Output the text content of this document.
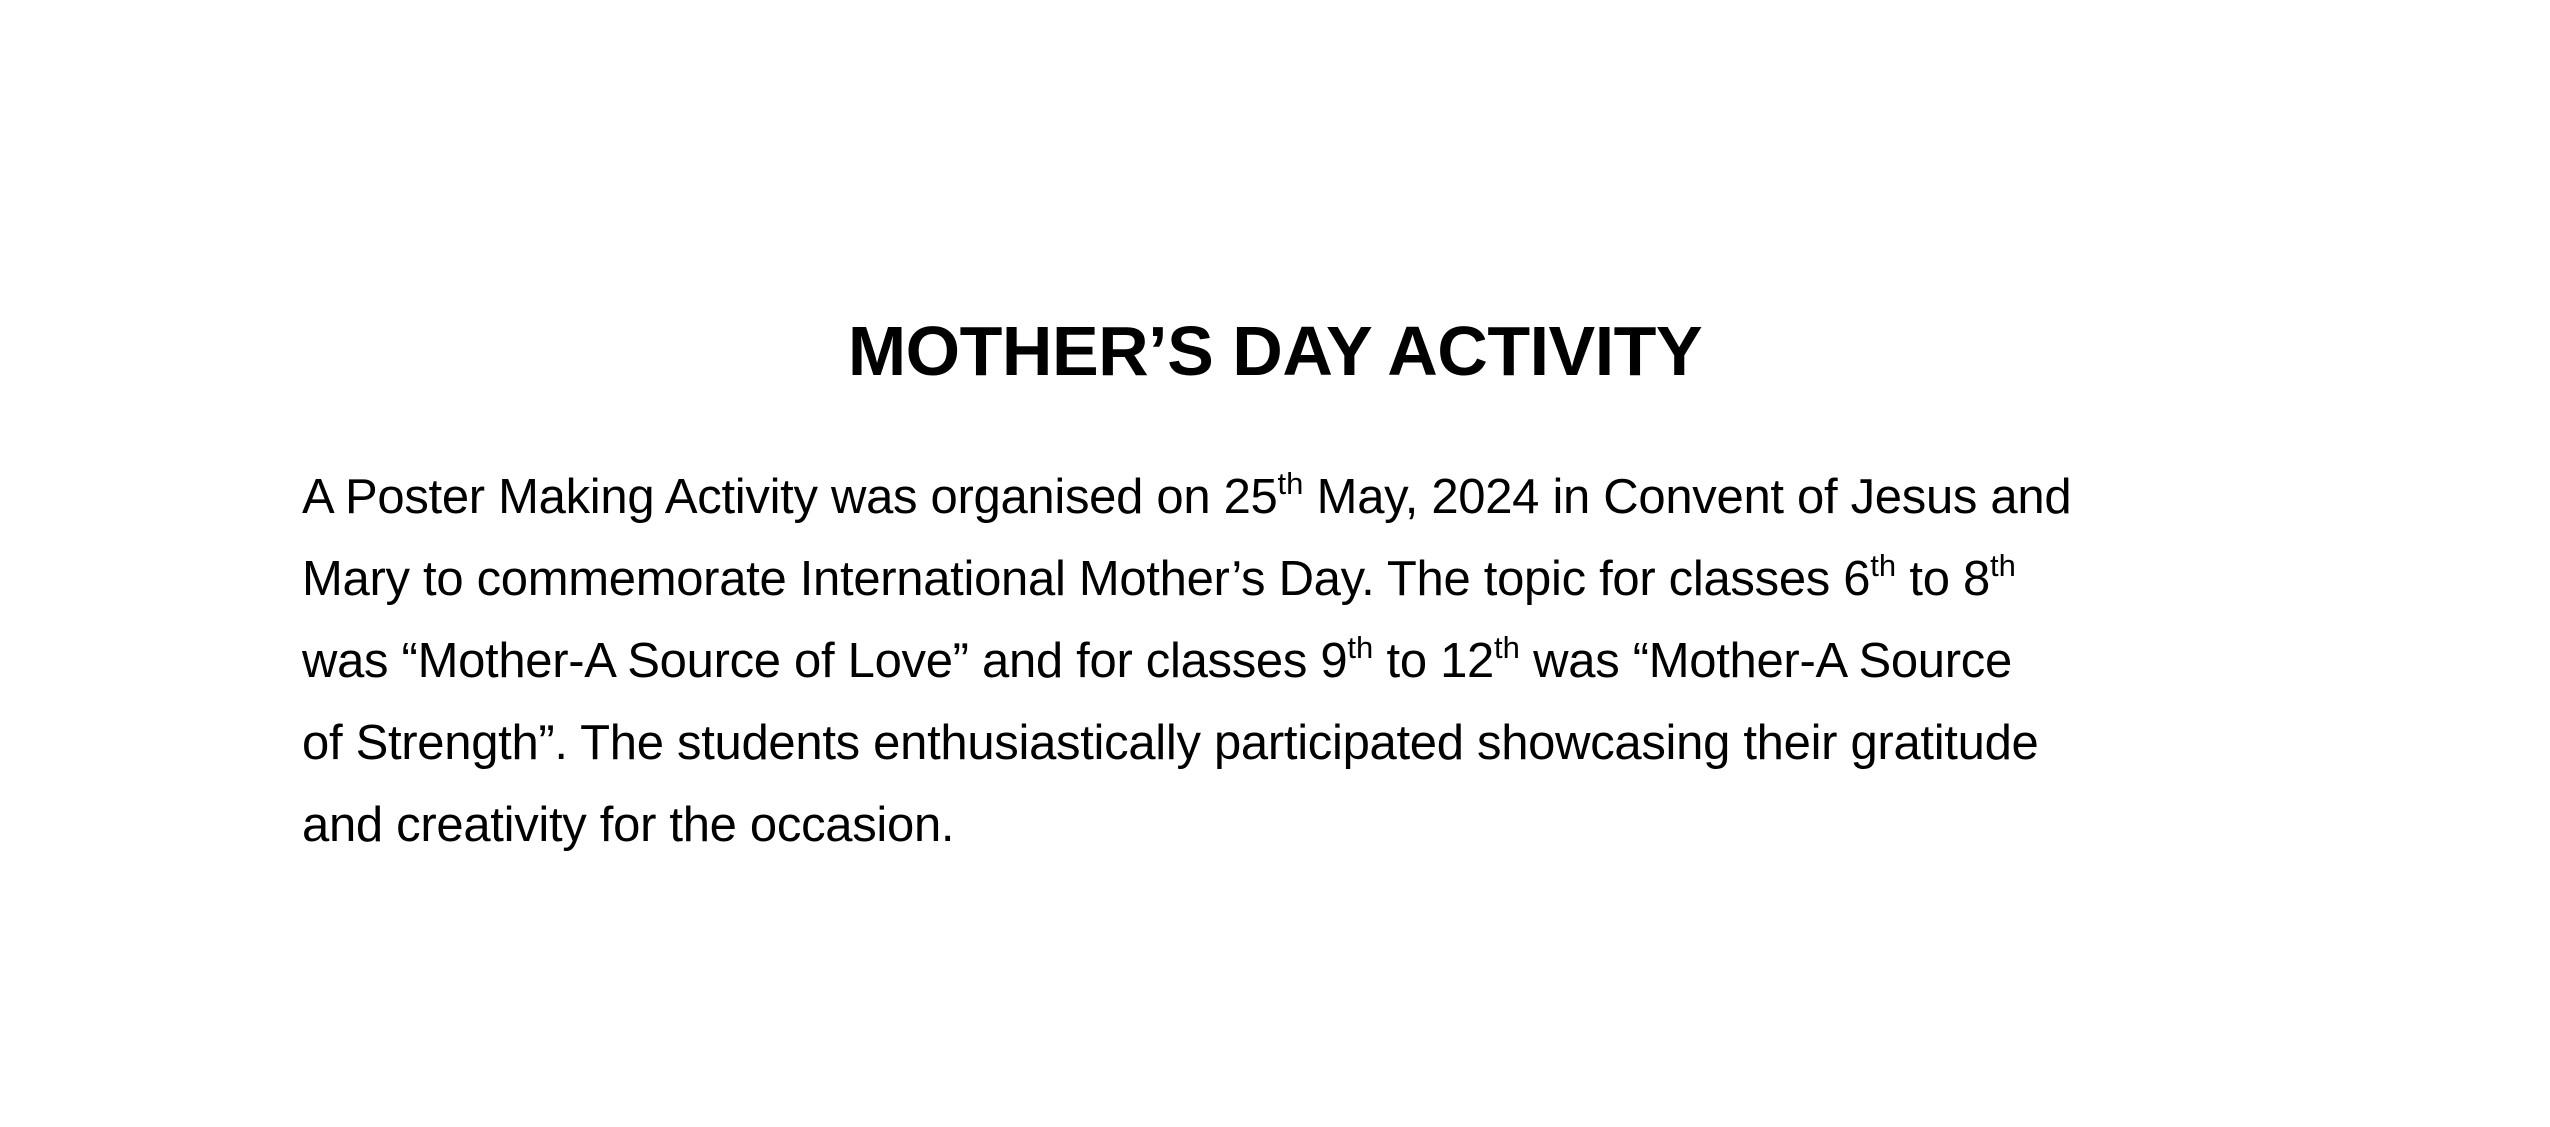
MOTHER’S DAY ACTIVITY
A Poster Making Activity was organised on 25th May, 2024 in Convent of Jesus and
Mary to commemorate International Mother’s Day. The topic for classes 6th to 8th
was “Mother-A Source of Love” and for classes 9th to 12th was “Mother-A Source
of Strength”. The students enthusiastically participated showcasing their gratitude
and creativity for the occasion.
